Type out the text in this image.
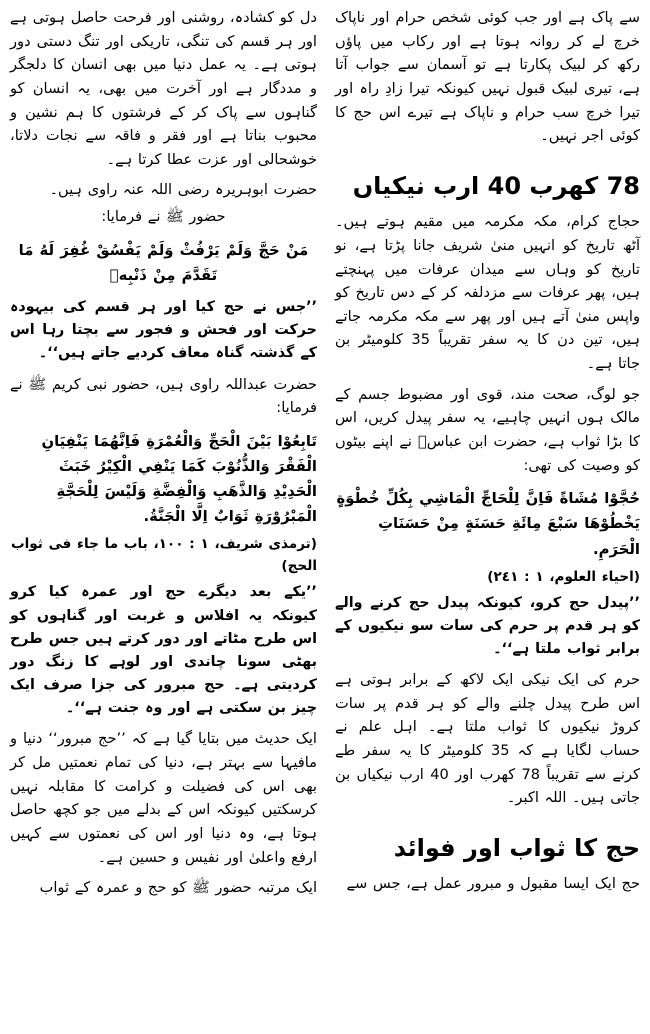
دل کو کشادہ، روشنی اور فرحت حاصل ہوتی ہے اور ہر قسم کی تنگی، تاریکی اور تنگ دستی دور ہوتی ہے۔ یہ عمل دنیا میں بھی انسان کا دلجگر و مددگار ہے اور آخرت میں بھی، یہ انسان کو گناہوں سے پاک کر کے فرشتوں کا ہم نشین و محبوب بناتا ہے اور فقر و فاقہ سے نجات دلاتا، خوشحالی اور عزت عطا کرتا ہے۔

حضرت ابوہریرہ رضی اللہ عنہ راوی ہیں۔

حضور ﷺ نے فرمایا:

مَنْ حَجَّ وَلَمْ يَرْفُثْ وَلَمْ يَفْسُقْ غُفِرَ لَهُ مَا تَقَدَّمَ مِنْ ذَنْبِهٖ

’’جس نے حج کیا اور ہر قسم کی بیہودہ حرکت اور فحش و فجور سے بچتا رہا اس کے گذشتہ گناہ معاف کردیے جاتے ہیں‘‘۔

حضرت عبداللہ راوی ہیں، حضور نبی کریم ﷺ نے فرمایا:

تَابِعُوْا بَيْنَ الْحَجِّ وَالْعُمْرَةِ فَاِنَّهُمَا يَنْفِيَانِ الْفَقْرَ وَالذُّنُوْبَ كَمَا يَنْفِي الْكِيْرُ خَبَثَ الْحَدِيْدِ وَالذَّهَبِ وَالْفِضَّةِ وَلَيْسَ لِلْحَجَّةِ الْمَبْرُوْرَةِ ثَوَابٌ اِلَّا الْجَنَّةُ.

(ترمذی شریف، ۱ : ۱۰۰، باب ما جاء فی ثواب الحج)

’’یکے بعد دیگرے حج اور عمرہ کیا کرو کیونکہ یہ افلاس و غربت اور گناہوں کو اس طرح مٹاتے اور دور کرتے ہیں جس طرح بھٹی سونا چاندی اور لوہے کا زنگ دور کردیتی ہے۔ حج مبرور کی جزا صرف ایک چیز بن سکتی ہے اور وہ جنت ہے‘‘۔

ایک حدیث میں بتایا گیا ہے کہ ’’حج مبرور‘‘ دنیا و مافیہا سے بہتر ہے، دنیا کی تمام نعمتیں مل کر بھی اس کی فضیلت و کرامت کا مقابلہ نہیں کرسکتیں کیونکہ اس کے بدلے میں جو کچھ حاصل ہوتا ہے، وہ دنیا اور اس کی نعمتوں سے کہیں ارفع واعلیٰ اور نفیس و حسین ہے۔

ایک مرتبہ حضور ﷺ کو حج و عمرہ کے ثواب

سے پاک ہے اور جب کوئی شخص حرام اور ناپاک خرچ لے کر روانہ ہوتا ہے اور رکاب میں پاؤں رکھ کر لبیک پکارتا ہے تو آسمان سے جواب آتا ہے، تیری لبیک قبول نہیں کیونکہ تیرا زادِ راہ اور تیرا خرچ سب حرام و ناپاک ہے تیرے اس حج کا کوئی اجر نہیں۔

78 کھرب 40 ارب نیکیاں

حجاج کرام، مکہ مکرمہ میں مقیم ہوتے ہیں۔ آٹھ تاریخ کو انہیں منیٰ شریف جانا پڑتا ہے، نو تاریخ کو وہاں سے میدان عرفات میں پہنچتے ہیں، پھر عرفات سے مزدلفہ کر کے دس تاریخ کو واپس منیٰ آتے ہیں اور پھر سے مکہ مکرمہ جاتے ہیں، تین دن کا یہ سفر تقریباً 35 کلومیٹر بن جاتا ہے۔

جو لوگ، صحت مند، قوی اور مضبوط جسم کے مالک ہوں انہیں چاہیے، یہ سفر پیدل کریں، اس کا بڑا ثواب ہے، حضرت ابن عباسؓ نے اپنے بیٹوں کو وصیت کی تھی:

حُجَّوْا مُشَاةً فَاِنَّ لِلْحَاجِّ الْمَاشِي بِكُلِّ خُطْوَةٍ يَخْطُوْهَا سَبْعَ مِائَةِ حَسَنَةٍ مِنْ حَسَنَاتِ الْحَرَمِ.

(احیاء العلوم، ۱ : ۲٤۱)

’’پیدل حج کرو، کیونکہ پیدل حج کرنے والے کو ہر قدم پر حرم کی سات سو نیکیوں کے برابر ثواب ملتا ہے‘‘۔

حرم کی ایک نیکی ایک لاکھ کے برابر ہوتی ہے اس طرح پیدل چلنے والے کو ہر قدم پر سات کروڑ نیکیوں کا ثواب ملتا ہے۔ اہل علم نے حساب لگایا ہے کہ 35 کلومیٹر کا یہ سفر طے کرنے سے تقریباً 78 کھرب اور 40 ارب نیکیاں بن جاتی ہیں۔ اللہ اکبر۔

حج کا ثواب اور فوائد

حج ایک ایسا مقبول و مبرور عمل ہے، جس سے
